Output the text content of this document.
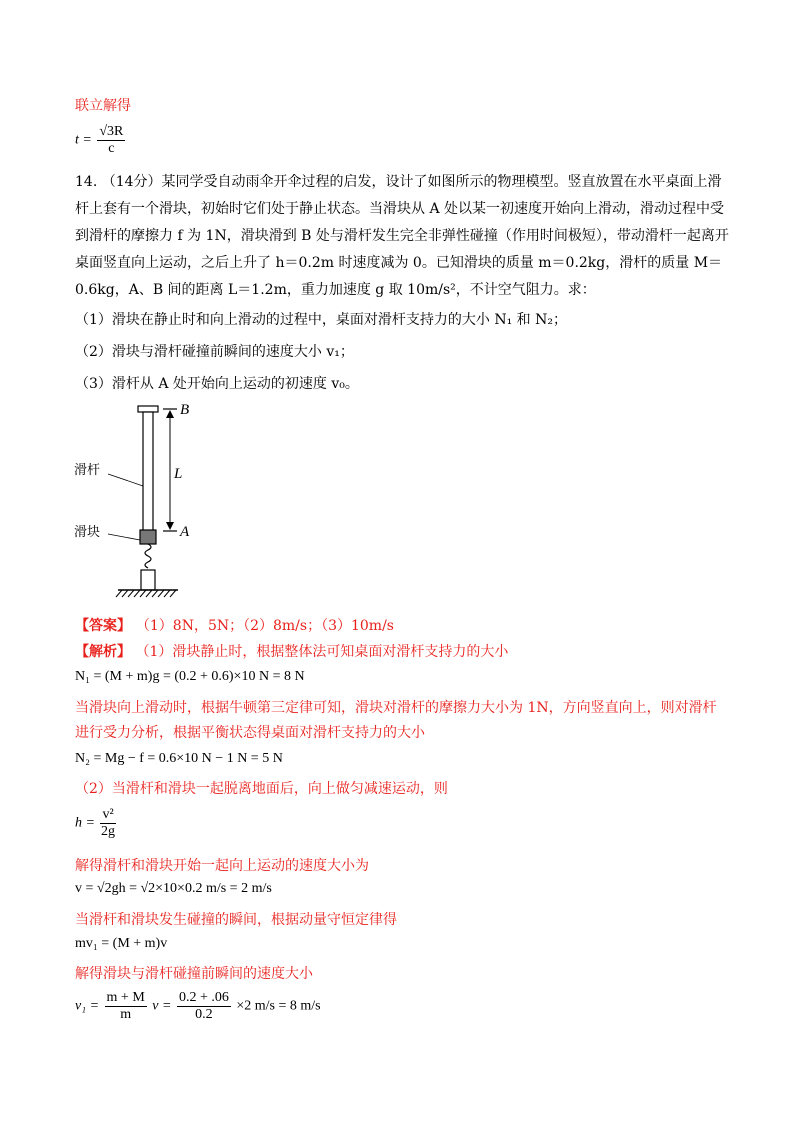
联立解得
$t = \frac{√3R}{c}$
14. （14分）某同学受自动雨伞开伞过程的启发，设计了如图所示的物理模型。竖直放置在水平桌面上滑
杆上套有一个滑块，初始时它们处于静止状态。当滑块从 A 处以某一初速度开始向上滑动，滑动过程中受
到滑杆的摩擦力 f 为 1N，滑块滑到 B 处与滑杆发生完全非弹性碰撞（作用时间极短），带动滑杆一起离开
桌面竖直向上运动，之后上升了 h＝0.2m 时速度减为 0。已知滑块的质量 m＝0.2kg，滑杆的质量 M＝
0.6kg，A、B 间的距离 L＝1.2m，重力加速度 g 取 10m/s²，不计空气阻力。求：
（1）滑块在静止时和向上滑动的过程中，桌面对滑杆支持力的大小 N₁ 和 N₂；
（2）滑块与滑杆碰撞前瞬间的速度大小 v₁；
（3）滑杆从 A 处开始向上运动的初速度 v₀。
B
A
L
滑杆
滑块
【答案】 （1）8N，5N；（2）8m/s；（3）10m/s
【解析】 （1）滑块静止时，根据整体法可知桌面对滑杆支持力的大小
N₁ = (M + m)g = (0.2 + 0.6)×10 N = 8 N
当滑块向上滑动时，根据牛顿第三定律可知，滑块对滑杆的摩擦力大小为 1N，方向竖直向上，则对滑杆
进行受力分析，根据平衡状态得桌面对滑杆支持力的大小
N₂ = Mg − f = 0.6×10 N − 1 N = 5 N
（2）当滑杆和滑块一起脱离地面后，向上做匀减速运动，则
$h = \frac{\text{v²}}{2g}$
解得滑杆和滑块开始一起向上运动的速度大小为
v = √2gh = √2×10×0.2 m/s = 2 m/s
当滑杆和滑块发生碰撞的瞬间，根据动量守恒定律得
mv₁ = (M + m)v
解得滑块与滑杆碰撞前瞬间的速度大小
$v_1 = \frac{m + M}{m}$ $v = \frac{0.2 + .06}{0.2} \times 2$ m/s = 8 m/s
